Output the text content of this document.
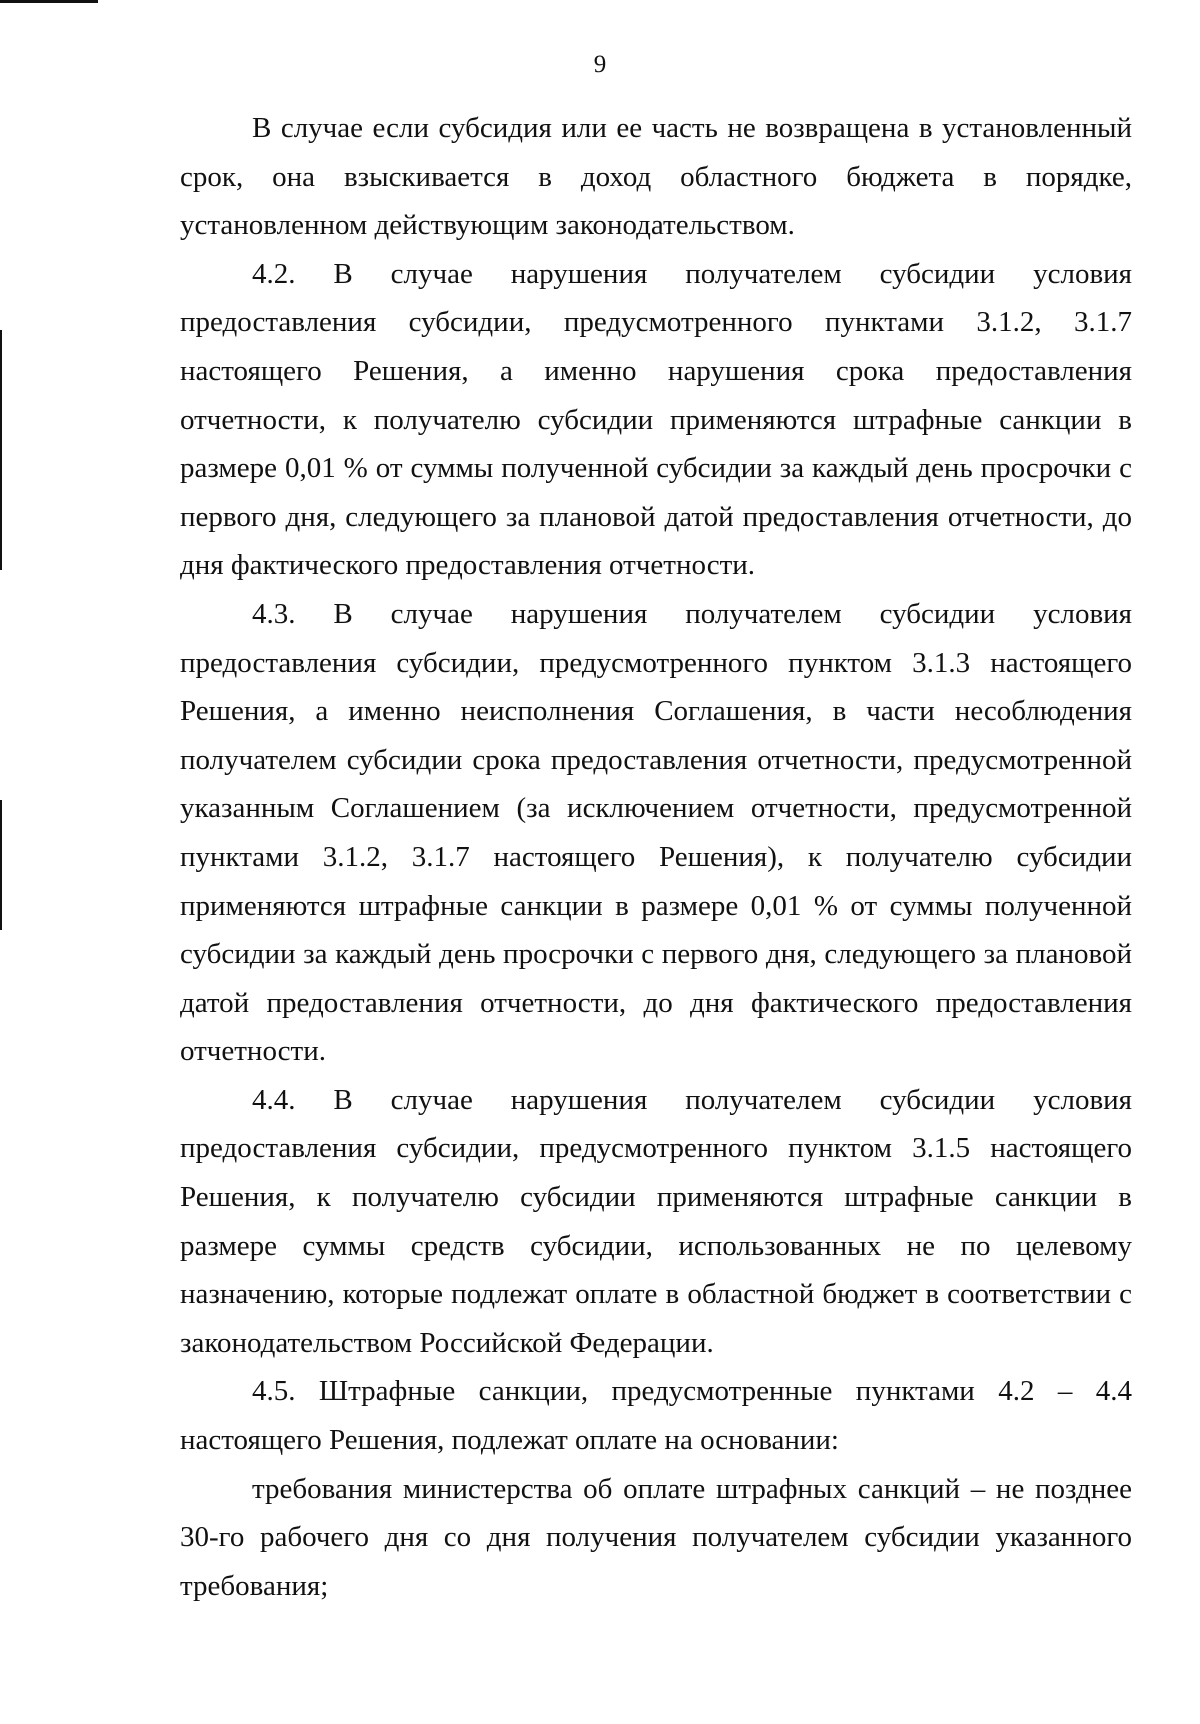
9

В случае если субсидия или ее часть не возвращена в установленный срок, она взыскивается в доход областного бюджета в порядке, установленном действующим законодательством.

4.2. В случае нарушения получателем субсидии условия предоставления субсидии, предусмотренного пунктами 3.1.2, 3.1.7 настоящего Решения, а именно нарушения срока предоставления отчетности, к получателю субсидии применяются штрафные санкции в размере 0,01 % от суммы полученной субсидии за каждый день просрочки с первого дня, следующего за плановой датой предоставления отчетности, до дня фактического предоставления отчетности.

4.3. В случае нарушения получателем субсидии условия предоставления субсидии, предусмотренного пунктом 3.1.3 настоящего Решения, а именно неисполнения Соглашения, в части несоблюдения получателем субсидии срока предоставления отчетности, предусмотренной указанным Соглашением (за исключением отчетности, предусмотренной пунктами 3.1.2, 3.1.7 настоящего Решения), к получателю субсидии применяются штрафные санкции в размере 0,01 % от суммы полученной субсидии за каждый день просрочки с первого дня, следующего за плановой датой предоставления отчетности, до дня фактического предоставления отчетности.

4.4. В случае нарушения получателем субсидии условия предоставления субсидии, предусмотренного пунктом 3.1.5 настоящего Решения, к получателю субсидии применяются штрафные санкции в размере суммы средств субсидии, использованных не по целевому назначению, которые подлежат оплате в областной бюджет в соответствии с законодательством Российской Федерации.

4.5. Штрафные санкции, предусмотренные пунктами 4.2 – 4.4 настоящего Решения, подлежат оплате на основании:

требования министерства об оплате штрафных санкций – не позднее 30-го рабочего дня со дня получения получателем субсидии указанного требования;
